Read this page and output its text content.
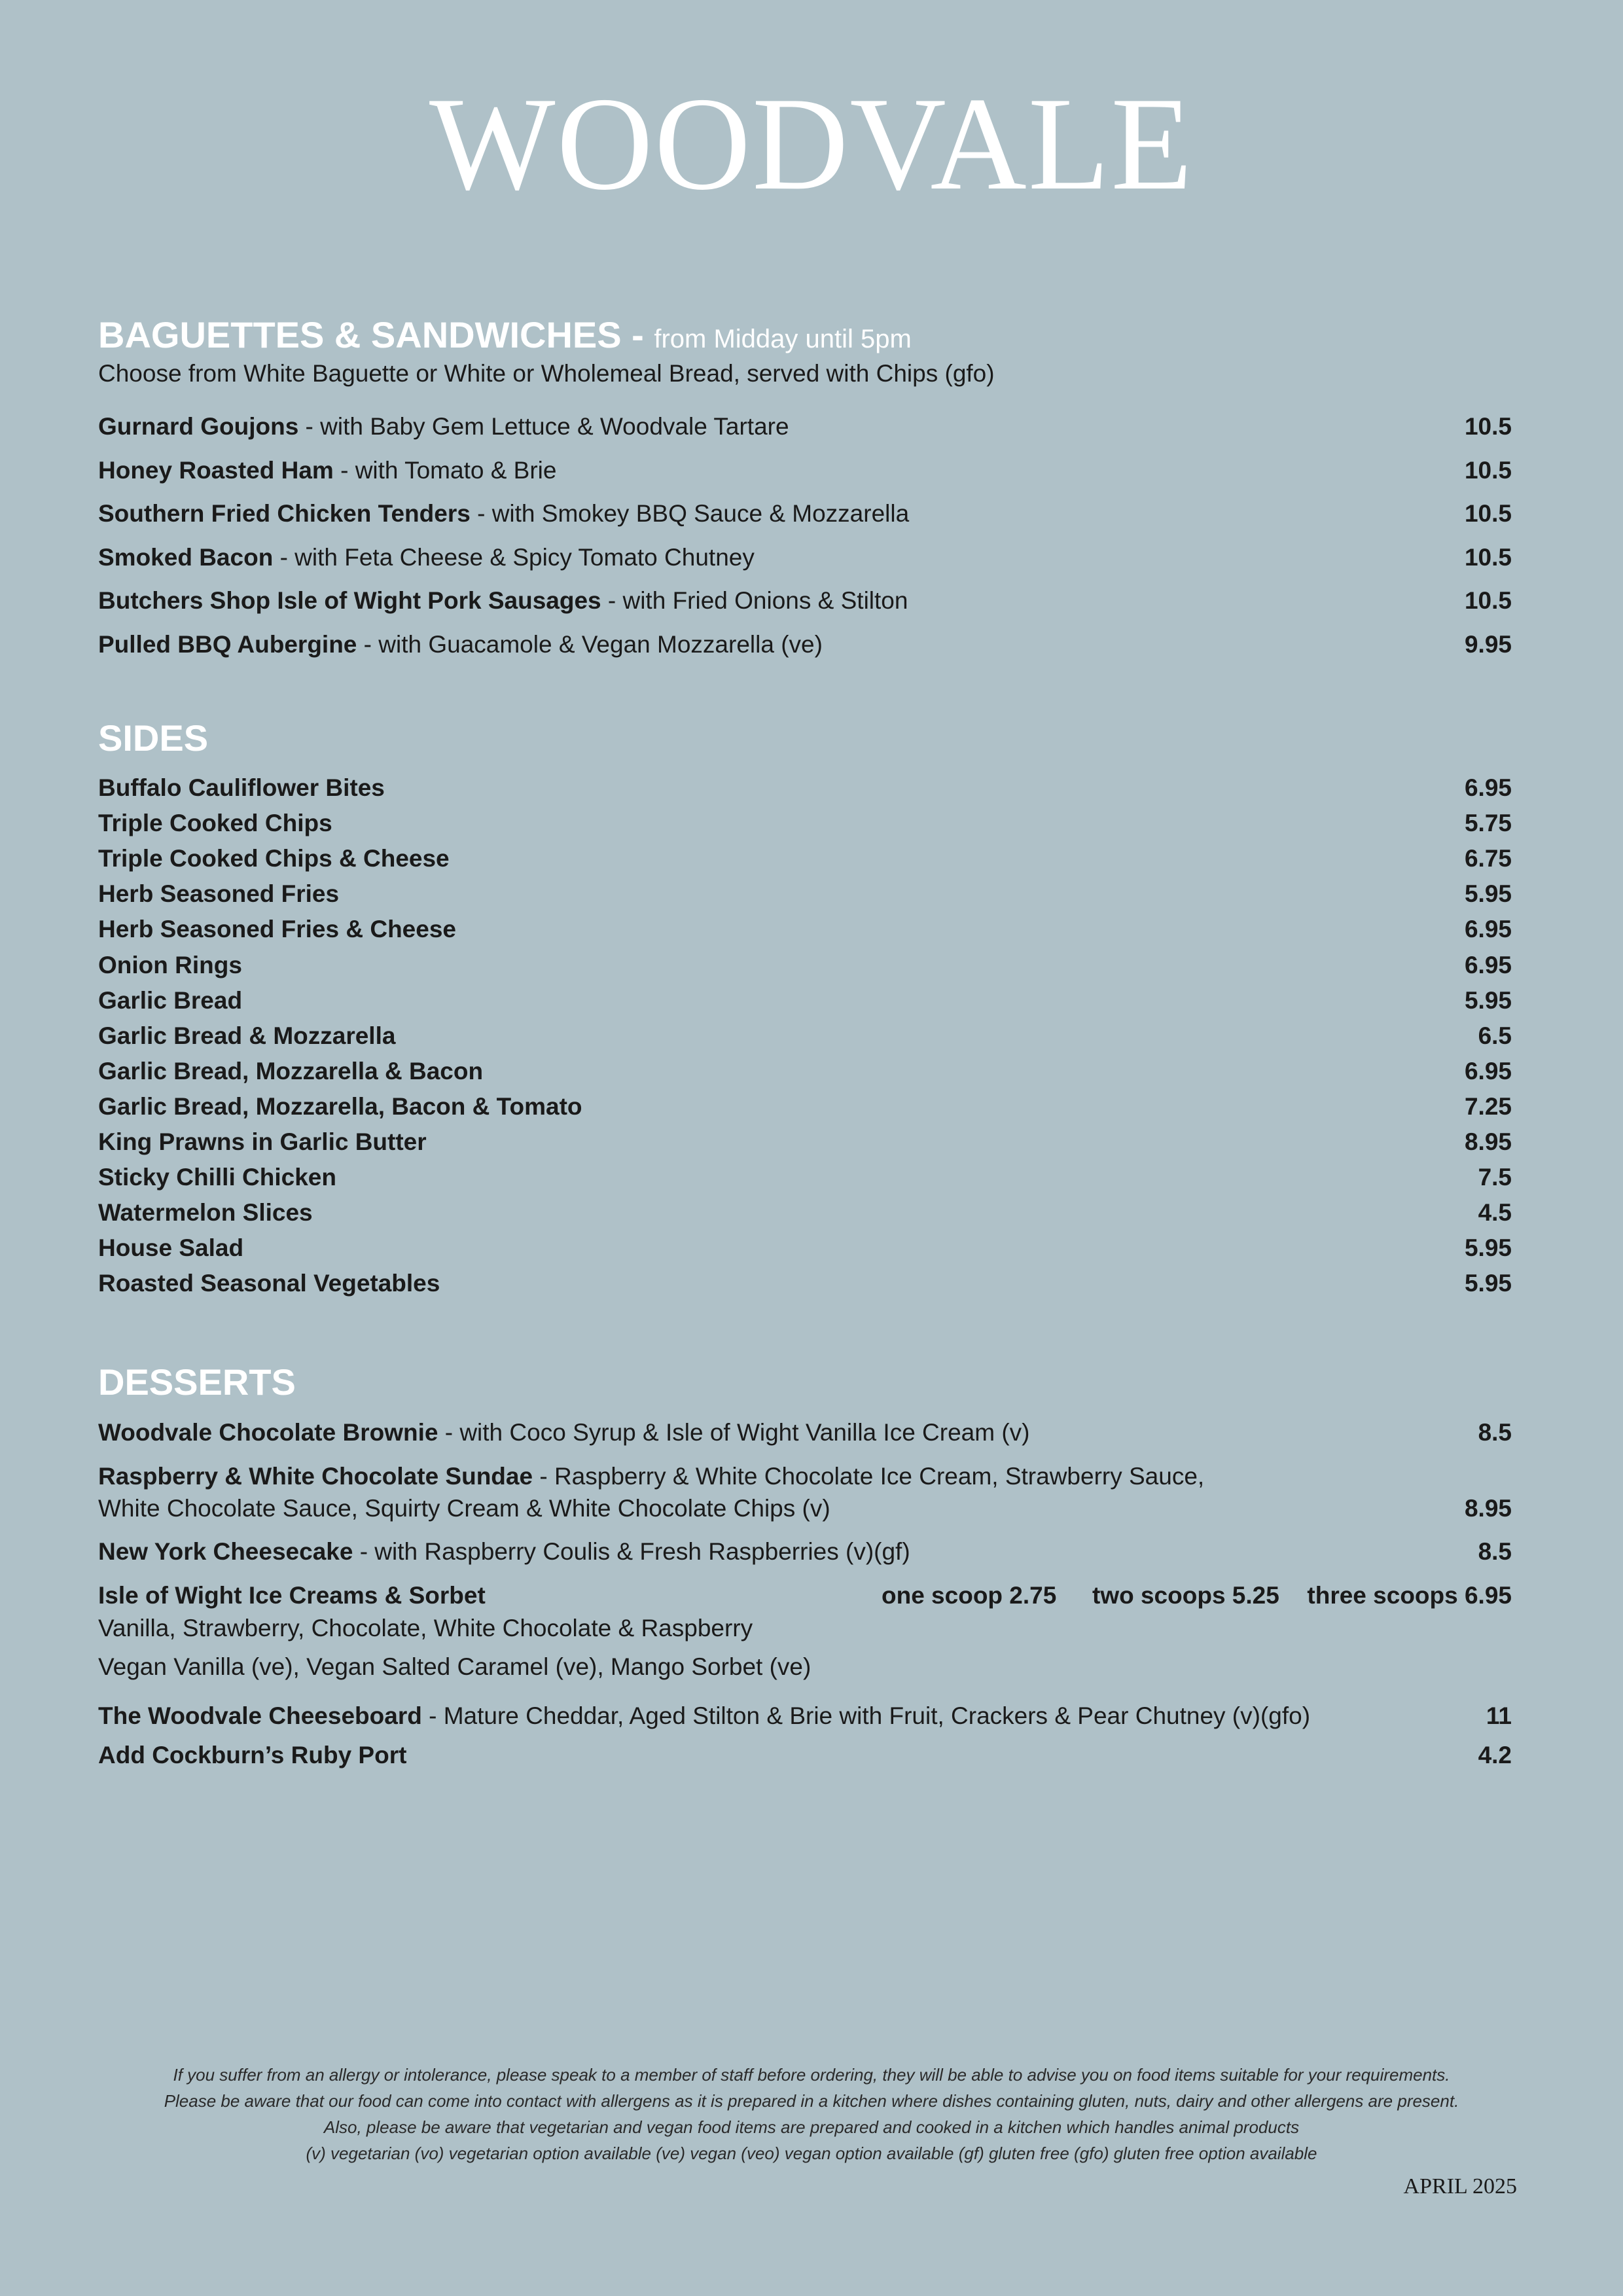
WOODVALE
BAGUETTES & SANDWICHES - from Midday until 5pm
Choose from White Baguette or White or Wholemeal Bread, served with Chips (gfo)
Gurnard Goujons - with Baby Gem Lettuce & Woodvale Tartare	10.5
Honey Roasted Ham - with Tomato & Brie	10.5
Southern Fried Chicken Tenders - with Smokey BBQ Sauce & Mozzarella	10.5
Smoked Bacon - with Feta Cheese & Spicy Tomato Chutney	10.5
Butchers Shop Isle of Wight Pork Sausages - with Fried Onions & Stilton	10.5
Pulled BBQ Aubergine - with Guacamole & Vegan Mozzarella (ve)	9.95
SIDES
Buffalo Cauliflower Bites	6.95
Triple Cooked Chips	5.75
Triple Cooked Chips & Cheese	6.75
Herb Seasoned Fries	5.95
Herb Seasoned Fries & Cheese	6.95
Onion Rings	6.95
Garlic Bread	5.95
Garlic Bread & Mozzarella	6.5
Garlic Bread, Mozzarella & Bacon	6.95
Garlic Bread, Mozzarella, Bacon & Tomato	7.25
King Prawns in Garlic Butter	8.95
Sticky Chilli Chicken	7.5
Watermelon Slices	4.5
House Salad	5.95
Roasted Seasonal Vegetables	5.95
DESSERTS
Woodvale Chocolate Brownie - with Coco Syrup & Isle of Wight Vanilla Ice Cream (v)	8.5
Raspberry & White Chocolate Sundae - Raspberry & White Chocolate Ice Cream, Strawberry Sauce,
White Chocolate Sauce, Squirty Cream & White Chocolate Chips (v)	8.95
New York Cheesecake - with Raspberry Coulis & Fresh Raspberries (v)(gf)	8.5
Isle of Wight Ice Creams & Sorbet	one scoop 2.75 two scoops 5.25 three scoops 6.95
Vanilla, Strawberry, Chocolate, White Chocolate & Raspberry
Vegan Vanilla (ve), Vegan Salted Caramel (ve), Mango Sorbet (ve)
The Woodvale Cheeseboard - Mature Cheddar, Aged Stilton & Brie with Fruit, Crackers & Pear Chutney (v)(gfo)	11
Add Cockburn’s Ruby Port	4.2
If you suffer from an allergy or intolerance, please speak to a member of staff before ordering, they will be able to advise you on food items suitable for your requirements.
Please be aware that our food can come into contact with allergens as it is prepared in a kitchen where dishes containing gluten, nuts, dairy and other allergens are present.
Also, please be aware that vegetarian and vegan food items are prepared and cooked in a kitchen which handles animal products
(v) vegetarian (vo) vegetarian option available (ve) vegan (veo) vegan option available (gf) gluten free (gfo) gluten free option available
APRIL 2025
